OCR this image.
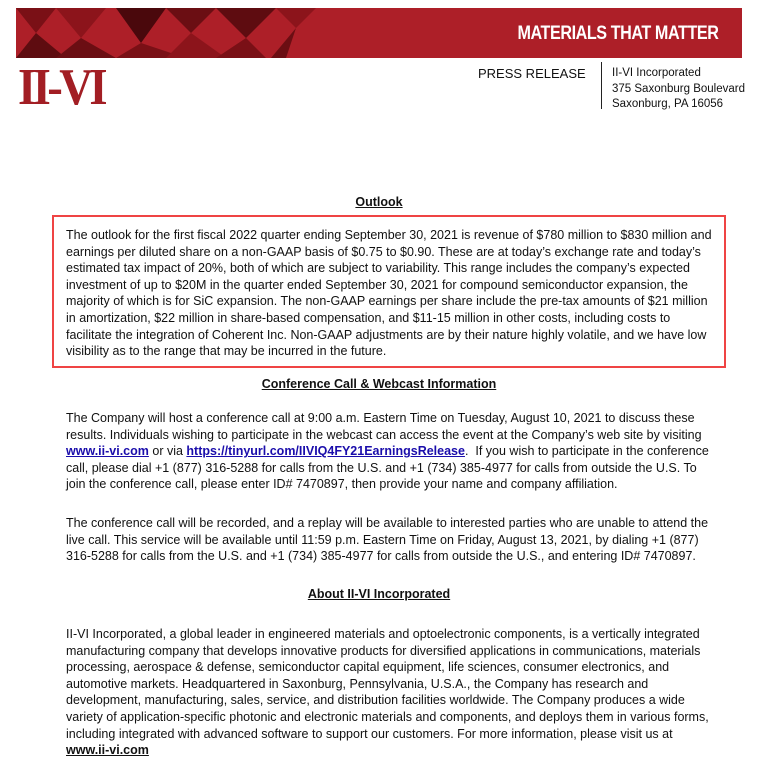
MATERIALS THAT MATTER
II-VI	PRESS RELEASE II-VI Incorporated
375 Saxonburg Boulevard
Saxonburg, PA 16056
Outlook
The outlook for the first fiscal 2022 quarter ending September 30, 2021 is revenue of $780 million to $830 million and
earnings per diluted share on a non-GAAP basis of $0.75 to $0.90. These are at today’s exchange rate and today’s
estimated tax impact of 20%, both of which are subject to variability. This range includes the company’s expected
investment of up to $20M in the quarter ended September 30, 2021 for compound semiconductor expansion, the
majority of which is for SiC expansion. The non-GAAP earnings per share include the pre-tax amounts of $21 million
in amortization, $22 million in share-based compensation, and $11-15 million in other costs, including costs to
facilitate the integration of Coherent Inc. Non-GAAP adjustments are by their nature highly volatile, and we have low
visibility as to the range that may be incurred in the future.
Conference Call & Webcast Information
The Company will host a conference call at 9:00 a.m. Eastern Time on Tuesday, August 10, 2021 to discuss these
results. Individuals wishing to participate in the webcast can access the event at the Company’s web site by visiting
www.ii-vi.com or via https://tinyurl.com/IIVIQ4FY21EarningsRelease.  If you wish to participate in the conference
call, please dial +1 (877) 316-5288 for calls from the U.S. and +1 (734) 385-4977 for calls from outside the U.S. To
join the conference call, please enter ID# 7470897, then provide your name and company affiliation.
The conference call will be recorded, and a replay will be available to interested parties who are unable to attend the
live call. This service will be available until 11:59 p.m. Eastern Time on Friday, August 13, 2021, by dialing +1 (877)
316-5288 for calls from the U.S. and +1 (734) 385-4977 for calls from outside the U.S., and entering ID# 7470897.
About II-VI Incorporated
II-VI Incorporated, a global leader in engineered materials and optoelectronic components, is a vertically integrated
manufacturing company that develops innovative products for diversified applications in communications, materials
processing, aerospace & defense, semiconductor capital equipment, life sciences, consumer electronics, and
automotive markets. Headquartered in Saxonburg, Pennsylvania, U.S.A., the Company has research and
development, manufacturing, sales, service, and distribution facilities worldwide. The Company produces a wide
variety of application-specific photonic and electronic materials and components, and deploys them in various forms,
including integrated with advanced software to support our customers. For more information, please visit us at
www.ii-vi.com
